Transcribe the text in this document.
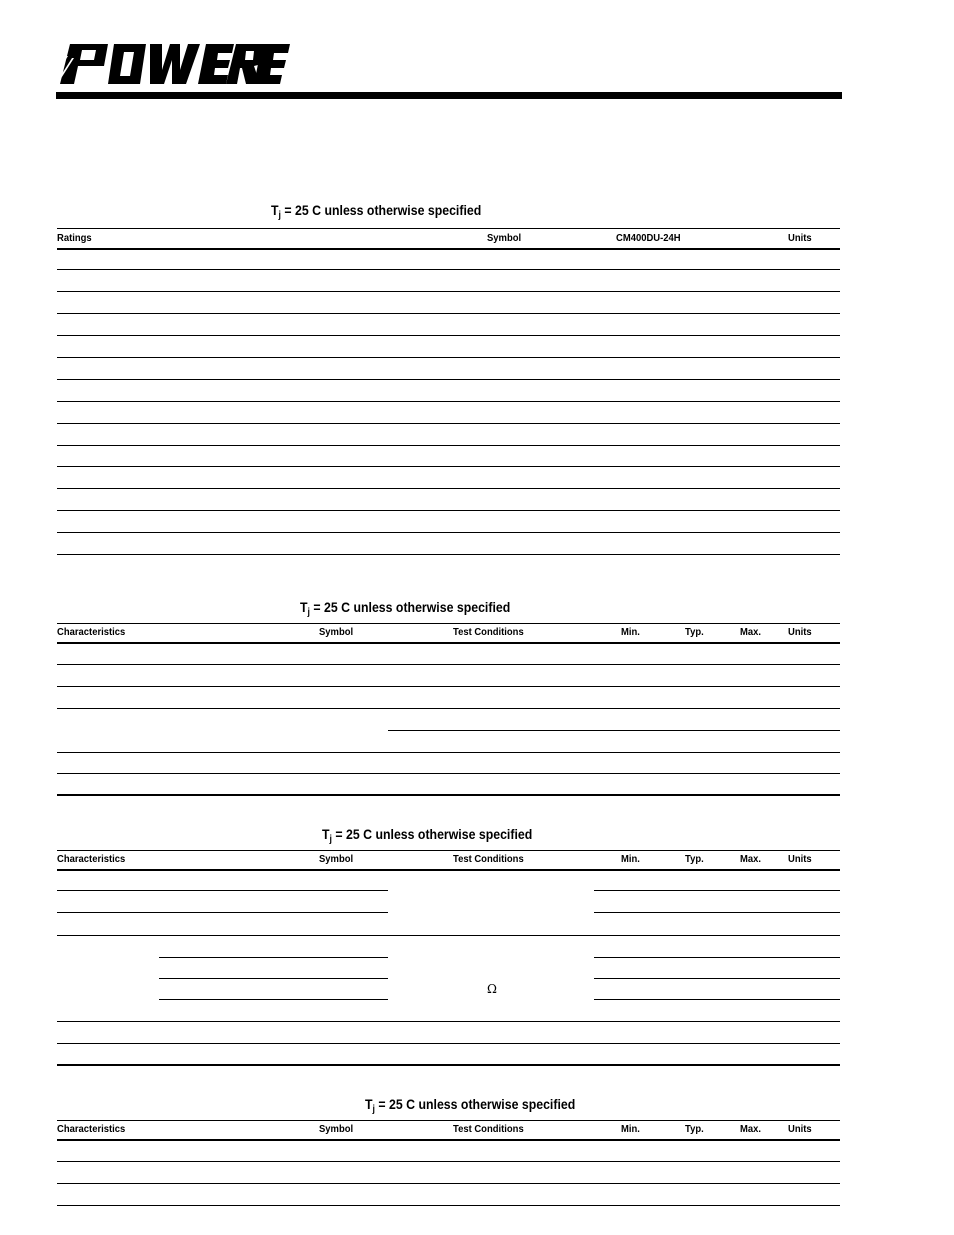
$T_j = 25$ C unless otherwise specified
Ratings	Symbol	CM400DU-24H	Units
$T_j = 25$ C unless otherwise specified
Characteristics	Symbol	Test Conditions	Min.	Typ.	Max.	Units
$T_j = 25$ C unless otherwise specified
Characteristics	Symbol	Test Conditions	Min.	Typ.	Max.	Units
Ω
$T_j = 25$ C unless otherwise specified
Characteristics	Symbol	Test Conditions	Min.	Typ.	Max.	Units
